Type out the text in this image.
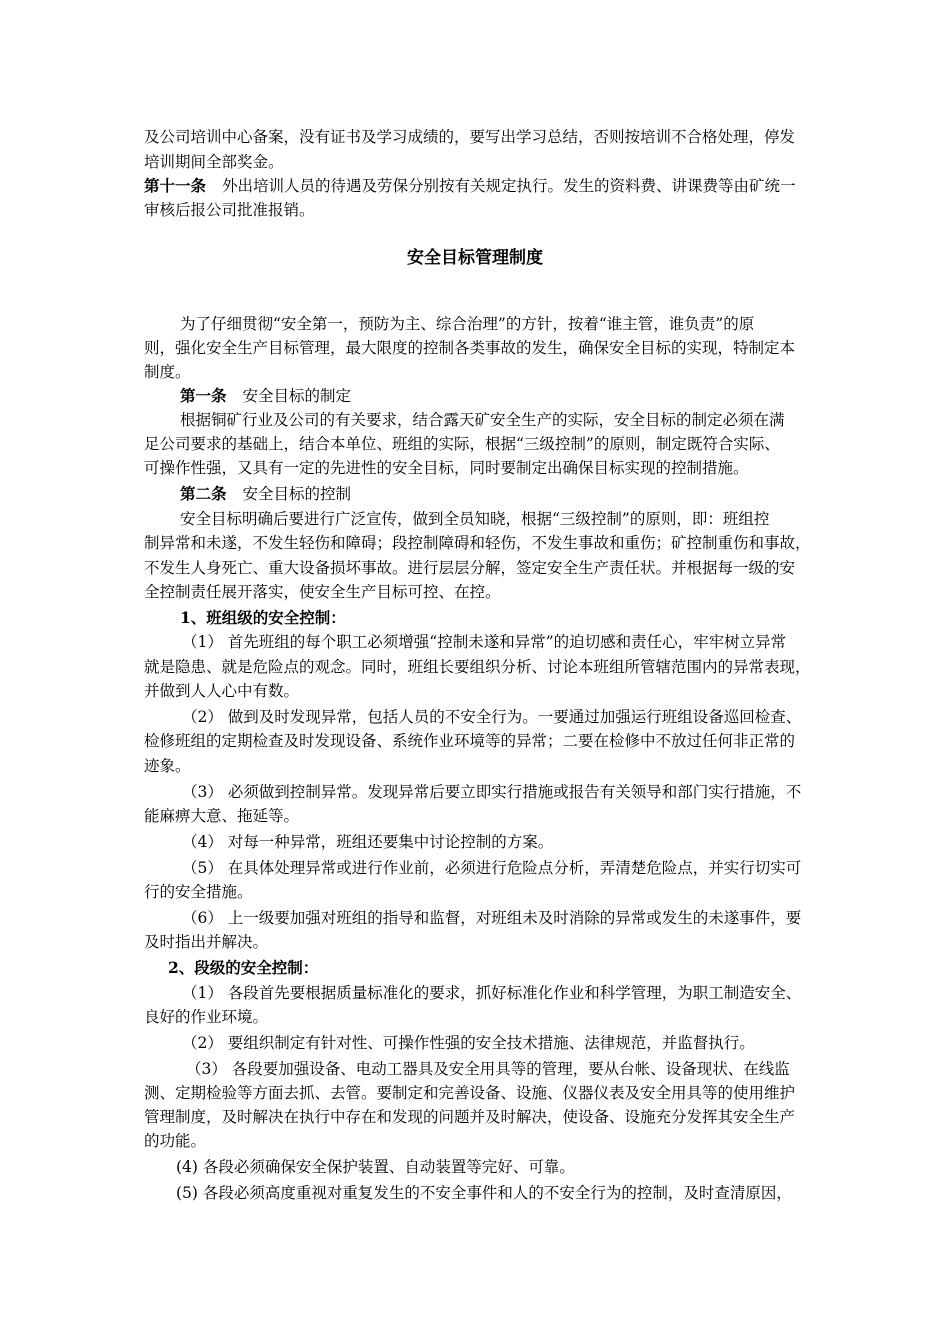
及公司培训中心备案，没有证书及学习成绩的，要写出学习总结，否则按培训不合格处理，停发
培训期间全部奖金。
第十一条 外出培训人员的待遇及劳保分别按有关规定执行。发生的资料费、讲课费等由矿统一
审核后报公司批准报销。
安全目标管理制度
为了仔细贯彻“安全第一，预防为主、综合治理”的方针，按着“谁主管，谁负责”的原
则，强化安全生产目标管理，最大限度的控制各类事故的发生，确保安全目标的实现，特制定本
制度。
第一条 安全目标的制定
根据铜矿行业及公司的有关要求，结合露天矿安全生产的实际，安全目标的制定必须在满
足公司要求的基础上，结合本单位、班组的实际，根据“三级控制”的原则，制定既符合实际、
可操作性强，又具有一定的先进性的安全目标，同时要制定出确保目标实现的控制措施。
第二条 安全目标的控制
安全目标明确后要进行广泛宣传，做到全员知晓，根据“三级控制”的原则，即：班组控
制异常和未遂，不发生轻伤和障碍；段控制障碍和轻伤，不发生事故和重伤；矿控制重伤和事故，
不发生人身死亡、重大设备损坏事故。进行层层分解，签定安全生产责任状。并根据每一级的安
全控制责任展开落实，使安全生产目标可控、在控。
1、班组级的安全控制：
（1） 首先班组的每个职工必须增强“控制未遂和异常”的迫切感和责任心，牢牢树立异常
就是隐患、就是危险点的观念。同时，班组长要组织分析、讨论本班组所管辖范围内的异常表现，
并做到人人心中有数。
（2） 做到及时发现异常，包括人员的不安全行为。一要通过加强运行班组设备巡回检查、
检修班组的定期检查及时发现设备、系统作业环境等的异常；二要在检修中不放过任何非正常的
迹象。
（3） 必须做到控制异常。发现异常后要立即实行措施或报告有关领导和部门实行措施，不
能麻痹大意、拖延等。
（4） 对每一种异常，班组还要集中讨论控制的方案。
（5） 在具体处理异常或进行作业前，必须进行危险点分析，弄清楚危险点，并实行切实可
行的安全措施。
（6） 上一级要加强对班组的指导和监督，对班组未及时消除的异常或发生的未遂事件，要
及时指出并解决。
2、段级的安全控制：
（1） 各段首先要根据质量标准化的要求，抓好标准化作业和科学管理，为职工制造安全、
良好的作业环境。
（2） 要组织制定有针对性、可操作性强的安全技术措施、法律规范，并监督执行。
（3） 各段要加强设备、电动工器具及安全用具等的管理，要从台帐、设备现状、在线监
测、定期检验等方面去抓、去管。要制定和完善设备、设施、仪器仪表及安全用具等的使用维护
管理制度，及时解决在执行中存在和发现的问题并及时解决，使设备、设施充分发挥其安全生产
的功能。
(4) 各段必须确保安全保护装置、自动装置等完好、可靠。
(5) 各段必须高度重视对重复发生的不安全事件和人的不安全行为的控制，及时查清原因，
